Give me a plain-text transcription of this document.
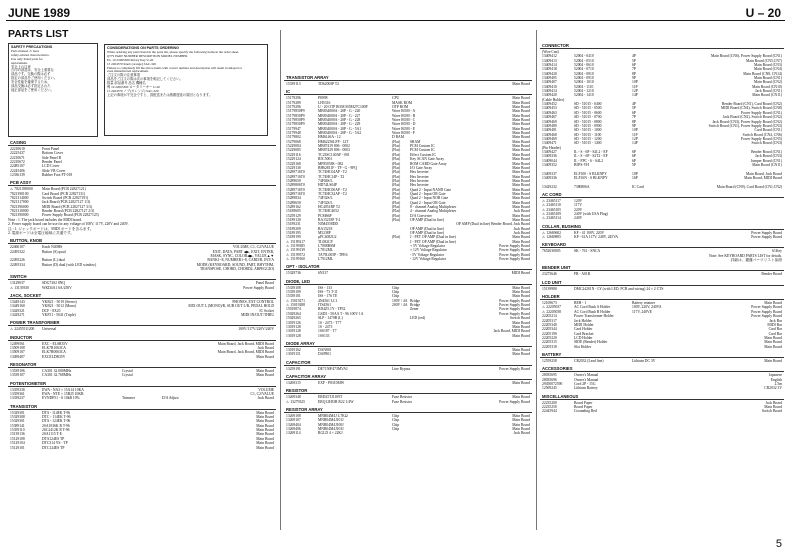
JUNE 1989	U – 20
PARTS LIST
SAFETY PRECAUTIONS
Parts marked ⚠ have
safety-related characteristics.
Use only listed parts for
replacement.
安全上の注意
⚠印の部品は、安全上重要な
部品です。交換の際は必ず
指定の部品をご使用ください。
安全性能を確保するため、
部品交換は必ず指定された
純正部品をご使用ください。
CONSIDERATIONS ON PARTS ORDERING
When ordering any parts listed in the parts list, please specify the following items in the order sheet.
Q'TY PART NUMBER DESCRIPTION MODEL NUMBER
Ex. 10 22065360 Rotary Key U-20
15 2264570 Knob (orange) SAC-320
Failure to completely fill the above items with correct number and description will result in delayed or
even misdelivered replacement.
ご注文の際の注意事項
部品をご注文の際は次の事項を明記してください。
数量 部品番号 品名 機種名
例 10 22065360 ロータリーキー U-20
15 2264570 ノブ(オレンジ) SAC-320
上記の事項が不完全ですと、誤配送または納期遅延の原因となります。
CASING
22210610	Front Panel
22225437	Bottom Cover
22210671	Side Panel R
22210672	Bender Panel
22485107	LCD Cover
22245406	Slide VR Cover
12336139	Rubber Foot FT-018
PCB ASSY
⚠ 7821390000	Main Board (PCB 22827121)
7821390100	Card Board (PCB 22827131)
7821314000	Switch Board (PCB 22827191)
7821317000	Jack Board (PCB 22827127 1/3)
7821396000	MIDI Board (PCB 22827127 3/3)
7821310000	Bender Board (PCB 22827127 2/3)
7821390000	Power Supply Board (PCB 22827125)
Note : 1. The jack board includes the MIDI board.
2. Power supply board can be use for any voltage of 100V, 117V, 220V and 240V.
注 : 1. ジャックボードは、MIDI ボードを含みます。
2. 電源ボードは全電圧地域に共通です。
BUTTON, KNOB
22460107	Knob N40HS	VOLUME, C1, C2/VALUE
22495322	Button (S) quad	EXIT, DATA, PART ◀▶, EXIT, ENTER,
MASK, SYNC, COLOR◀▶, VALUE▲▼
22495226	Button (L) dual	BANK1~8, NUMBER1~8, CARD/R, INT/A
22495334	Button (D) dual (with LED window)	MODE (KEYBOARD, SOUND, PART, RHYTHM,
TRANSPOSE, CHORD, CHORD2, ARPEGGIO)
SWITCH
13129037	SDG73S2 8NQ	Panel Board
⚠ 13139330	WKD4A1 6A/250V	Power Supply Board
JACK, SOCKET
13449143	YKB21 - 5019 (Stereo)	PHONES, EXT CONTROL
13449160	YKB21 - 5012 (Mono)	MIX OUT L (MONO)/R, SUB OUT L/R, PEDAL HOLD
13429321	DCF - 8X25	IC Socket
13429271	YKF51 - 5041 (Triple)	MIDI IN/OUT/THRU
POWER TRANSFORMER
⚠ 22455511200	Universal	100V/117V/220V/240V
INDUCTOR
12499561	EXC - ELSR35V	Main Board, Jack Board, MIDI Board
13509108	ELK7R1063CA	Jack Board
13509107	ELK7R0063CA	Main Board, Jack Board, MIDI Board
13499407	EXCELDR35V	Main Board
RESONATOR
13539106	CA301 32.000MHz	Crystal	Main Board
13539107	CA301 32.768MHz	Crystal	Main Board
POTENTIOMETER
13359338	EWA - NA3 × 15A14 10KA	VOLUME
13359361	EWA - NTE × 15B25 10KB	C1, C2/VALUE
13339237	EVNDP51 - S 10kB 10%	Trimmer	D/A Adjust	Jack Board
TRANSISTOR
15329301	DTA - 114EK T-96	Main Board
15329308	DTC - 114EK T-96	Main Board
15329301	DTA - 124EK T-96	Main Board
15389141	2SA1036K R T-96	Main Board
15359110	2SC2412K R T-96	Main Board
15139136	2SA1115 T-E	Main Board
15129108	DTA124ES TP	Main Board
15129104	DTC314 YS - TP	Main Board
15129101	DTC124ES TP	Main Board
TRANSISTOR ARRAY
15339113	TD62003P T2	Main Board
IC
15179296	P8098	CPU	Main Board
15179289	LH5316	MASK ROM	Main Board
15179296	U - 20 OTP ROM M5M27C100P	OTP ROM	Main Board
15179850P9	MB834000A - 20P - G - 220	Wave ROM - A	Main Board
15179850P9	MB834000A - 20P - G - 227	Wave ROM - B	Main Board
15179850P9	MB834000A - 20P - G - 228	Wave ROM - C	Main Board
15179850P9	MB834000A - 20P - G - 229	Wave ROM - D	Main Board
15179947	MB834000A - 20P - G - 5A1	Wave ROM - E	Main Board
15179948	MB834000A - 20P - G - 5A2	Wave ROM - F	Main Board
15179802	HM6146A - 12	D RAM	Main Board
15279068	HM62256LFP - 12T	(Flat)	SRAM	Main Board
15229084	MB87419 806 - 0002	(Flat)	PCM Custom IC	Main Board
15229085	MB87429 806 - 0003	(Flat)	PCM Custom IC	Main Board
15229116	TC23SC140AF - 001	(Flat)	Effect Custom IC	Main Board
15229124	R5C5001	(Flat)	Key SCAN Gate Array	Main Board
15229168	MF85058S - 082	(Flat)	ROM CARD Gate Array	Main Board
15229130	BH62811F - TF - G - 9FQ	(Flat)	I/O Gate Array	Main Board
15289716T0	TC74HC04AP - T2	(Flat)	Hex Inverter	Main Board
15289716T0	TC74HC14P - T2	(Flat)	Hex Inverter	Main Board
15289650	74F04S/L	(Flat)	Hex Inverter	Main Board
15289806T0	HD74LS04P	(Flat)	Hex Inverter	Main Board
15289716T0	TC74HC00AP - T2	(Flat)	Quad 2 - Input NAND Gate	Main Board
15289716T0	TC74HC32AP - T2	(Flat)	Quad 2 - Input OR Gate	Main Board
15289834	74F32S/L	(Flat)	Quad 2 - Input NOR Gate	Main Board
15289650	74F32S/L	(Flat)	Quad 2 - Input OR Gate	Main Board
15289162	HC4051BF T2	(Flat)	8 - channel Analog Multiplexer	Main Board
15189605	TC74HC4052	(Flat)	4 - channel Analog Multiplexer	Jack Board
15259129	PCM66P	(Flat)	D/A Converter	Main Board
15189120	BA15218F T-2	(Flat)	OP AMP (Dual in line)	Main Board
15189231	NJM4558DD	OP AMP (Dual in line) Bender Board, Jack Board
15189209	BA15218	OP AMP (Dual in line)	Jack Board
15189195	M5238P	OP AMP (Dual in line)	Jack Board
15189199	µPC4082G2	(Flat)	J - FET OP AMP (Dual in line)	Main Board
⚠ 15189217	TL082CP	J - FET OP AMP (Dual in line)	Main Board
⚠ 15199385	L7808BSM	+ 5V Voltage Regulator	Power Supply Board
⚠ 15199139	L7812ML	+ 12V Voltage Regulator	Power Supply Board
⚠ 15199572	TA79L005P - TPE6	- 5V Voltage Regulator	Power Supply Board
⚠ 15199160	L7912ML	- 12V Voltage Regulator	Power Supply Board
OPT - ISOLATOR
15329736	6N137	MIDI Board
DIODE, LED
15339108	ISS - 133	Chip	Main Board
15339109	ISS - 73 T-11	Chip	Main Board
15339101	ISS - 176 TE	Chip	Main Board
⚠ 15019271	4N4561 LC1	100V / 4A Bridge	Power Supply Board
⚠ 15019288	ITS4561	200V / 4A Bridge	Power Supply Board
15019874	RD4Z5.1Y - TP32	Zener	Power Supply Board
15029264	GSD3 - 50AA T - 96 100V 1A	Power Supply Board
15029265	SLP - 1470B (L)	LED (red)	Switch Board
13019126	1S - 2473 - T77	Main Board
13019128	1S - 2473	Main Board
13019128	1SS187 - T7	Jack Board, MIDI Board
13019128	1SS133	Main Board
DIODE ARRAY
13019162	DAN801	Main Board
13019151	DAP801	Main Board
CAPACITOR
13259191	DE7150F473MVA1	Line Bypass	Power Supply Board
CAPACITOR ARRAY
13269315	EXF - P8310MW	Main Board
RESISTOR
13269348	ERD25TJ1109T	Fuse Resistor	Main Board
⚠ 13279325	ERQ12HJ3R R22 1/4W	Fuse Resistor	Power Supply Board
RESISTOR ARRAY
13269108	MNR04M4J 4.7KΩ	Chip	Main Board
13269107	MNR04M4J101J	Chip	Main Board
13269404	MNR04M4J100J	Chip	Main Board
13269406	MNR04M4J103J	Chip	Main Board
13269114	RGLD 4 × 22KJ	Jack Board
CONNECTOR
(Wire Cnn)
13409412	52004 - 0410	4P	Main Board (CN6), Power Supply Board (CN1)
13409413	52004 - 0510	5P	Main Board (CN5,CN7)
13409414	52004 - 0610	6P	Main Board (CN3)
13409418	52004 - 0710	7P	Main Board (CN4)
13409420	52004 - 0810	8P	Main Board (CN8, CN14)
13409405	52004 - 0910	9P	Main Board (CN1)
13409407	52004 - 1010	10P	Main Board (CN2)
13409410	52004 - 1110	11P	Main Board (CN10)
13409414	52004 - 1210	12P	Jack Board (CN1)
13409420	52004 - 1410	14P	Main Board (CN11)
(Cable Holder)
13409452	SD - 51015 - 0400	4P	Bender Board (CN1), Card Board (CN2)
13409453	SD - 51015 - 0500	5P	MIDI Board (CN4), Switch Board (CN8)
13409463	SD - 51015 - 0600	6P	Power Supply Board (CN1)
13409467	SD - 51015 - 0700	7P	Jack Board (CN2), Switch Board (CN2)
13409469	SD - 51015 - 0800	8P	Jack Board (CN3), Power Supply Board (CN2)
13409480	SD - 51015 - 0900	9P	Switch Board (CN1), Power Supply Board (CN3)
13409481	SD - 51015 - 1000	10P	Card Board (CN1)
13409468	SD - 51015 - 1100	11P	Switch Board (CN4, CN6)
13409469	SD - 51015 - 1200	12P	Power Supply Board (CN5)
13409471	SD - 51015 - 1400	14P	Switch Board (CN3)
(Pin Header)
13409427	IL - S - 6P - S2L2 - EF	6P	Bender Board (CN1)
13409336	IL - S - 6P - S2T2 - EF	6P	Jack Board (CN3)
13409044	IL - FPC - 6 - S4L2	6P	Jumper Board (CN1)
13409352	B5PS-VH	5P	Main Board (CN11)
13409337	ELF100 - S BLKNPY	10P	Main Board, Jack Board
13409336	ELF16N - S BLKNPY	16P	Main Board, MIDI Board
13429232	7380806A	IC Card	Main Board (CN9), Card Board (CN1,CN2)
AC CORD
⚠ 23465117	120V
⚠ 23465110	117V
⚠ 23465105	220V
⚠ 23465109	240V (with USA Plug)
⚠ 23465114	240V
COLLAR, BUSHING
⚠ 12669602	KF - 41 100V, 220V	Power Supply Board
⚠ 12669805	KP - 61A 117V, 240V, 245VA	Power Supply Board
KEYBOARD
7652030005	SK - 761 - SNCA	61Key
Note: See KEYBOARD PARTS LIST for details.
詳細は、鍵盤パーツリスト参照
BENDER UNIT
23275646	FB - A01R	Bender Board
LCD UNIT
15139980	DMC24201N - LY (with LED, PCB and wiring) 24 × 2 CTS
HOLDER
12169673	BEH - 1	Battery retainer	Main Board
⚠ 22205037	AC Cord Bush A Holder	100V, 220V, 240VA	Power Supply Board
⚠ 22205038	AC Cord Bush B Holder	117V, 240VE	Power Supply Board
22205214	Power Transformer Holder	Power Supply Board
22205317	Jack Holder	Jack Bar
22205340	MIDI Holder	MIDI Bar
22205344	Card Holder	Card Bar
22205190	Card Bracket	Card Bar
22205220	LCD Holder	Main Board
22205315	SIDE (Bender) Holder	Main Board
22205318	Slot Holder	Main Board
BATTERY
12559258	CR2032 (Lead line)	Lithium DC 3V	Main Board
ACCESSORIES
28035695	Owner's Manual	Japanese
28035696	Owner's Manual	English
29450072590	Cord 2P - 15G	2.5m
12569245	Lithium Battery	CR2032 3V
MISCELLANEOUS
22235200	Board Paper	Jack Board
22235250	Board Paper	Main Board
22445944	Grounding Bed	Switch Board
5
